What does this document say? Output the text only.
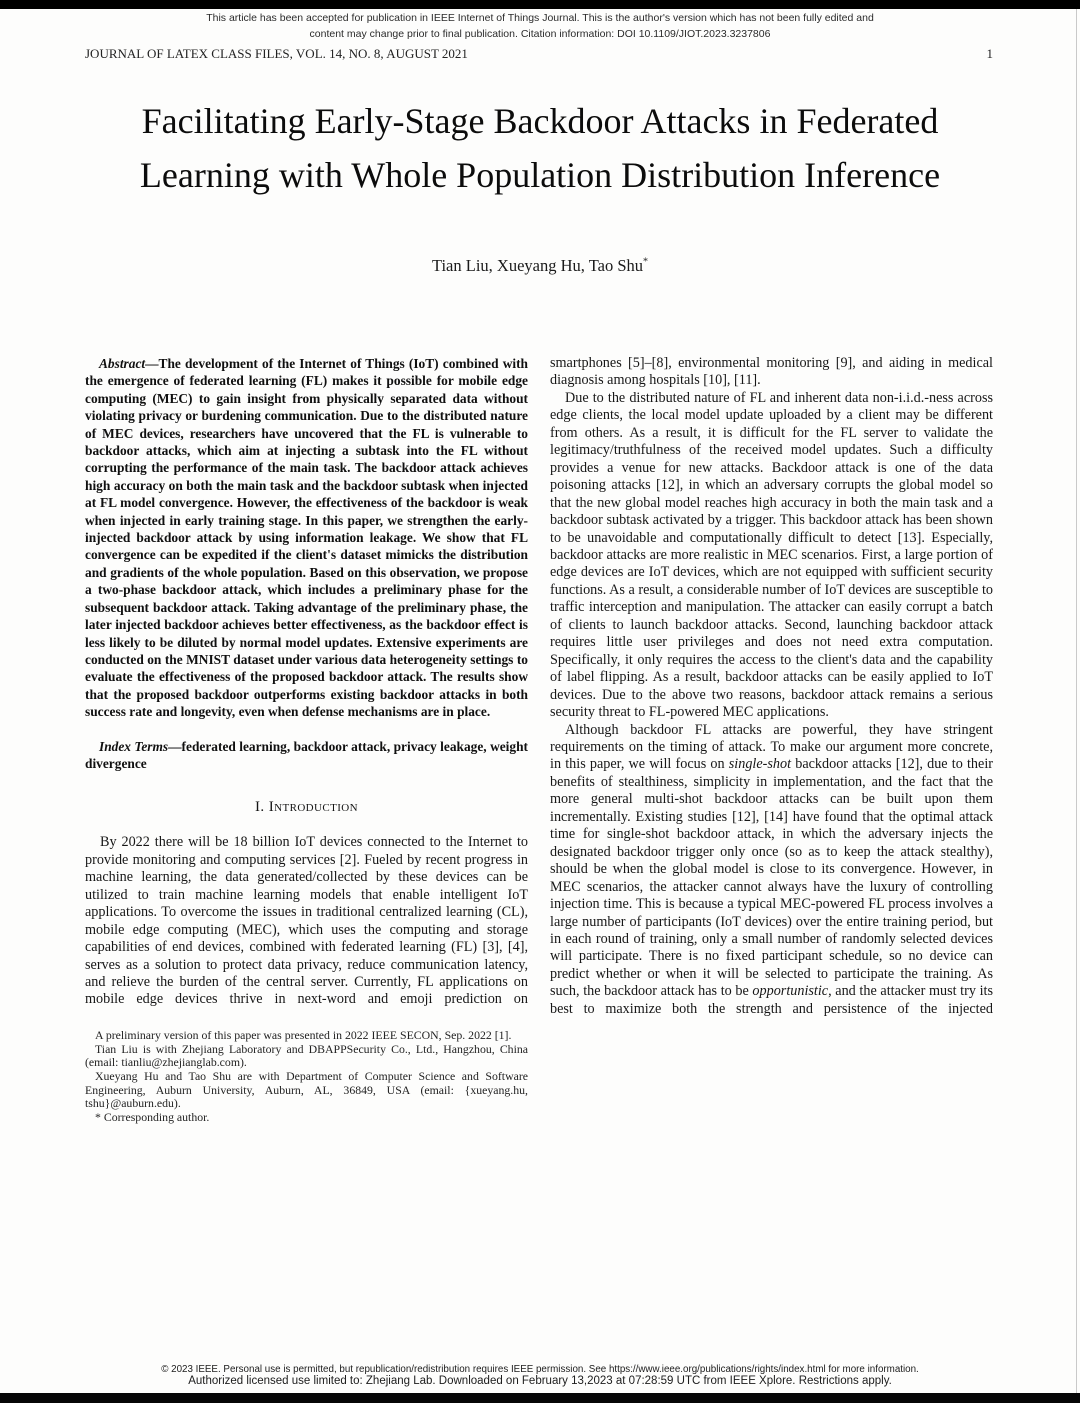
This article has been accepted for publication in IEEE Internet of Things Journal. This is the author's version which has not been fully edited and
content may change prior to final publication. Citation information: DOI 10.1109/JIOT.2023.3237806
JOURNAL OF LATEX CLASS FILES, VOL. 14, NO. 8, AUGUST 2021	1
Facilitating Early-Stage Backdoor Attacks in Federated Learning with Whole Population Distribution Inference
Tian Liu, Xueyang Hu, Tao Shu*

Abstract—The development of the Internet of Things (IoT) combined with the emergence of federated learning (FL) makes it possible for mobile edge computing (MEC) to gain insight from physically separated data without violating privacy or burdening communication. Due to the distributed nature of MEC devices, researchers have uncovered that the FL is vulnerable to backdoor attacks, which aim at injecting a subtask into the FL without corrupting the performance of the main task. The backdoor attack achieves high accuracy on both the main task and the backdoor subtask when injected at FL model convergence. However, the effectiveness of the backdoor is weak when injected in early training stage. In this paper, we strengthen the early-injected backdoor attack by using information leakage. We show that FL convergence can be expedited if the client's dataset mimicks the distribution and gradients of the whole population. Based on this observation, we propose a two-phase backdoor attack, which includes a preliminary phase for the subsequent backdoor attack. Taking advantage of the preliminary phase, the later injected backdoor achieves better effectiveness, as the backdoor effect is less likely to be diluted by normal model updates. Extensive experiments are conducted on the MNIST dataset under various data heterogeneity settings to evaluate the effectiveness of the proposed backdoor attack. The results show that the proposed backdoor outperforms existing backdoor attacks in both success rate and longevity, even when defense mechanisms are in place.

Index Terms—federated learning, backdoor attack, privacy leakage, weight divergence

I. Introduction

By 2022 there will be 18 billion IoT devices connected to the Internet to provide monitoring and computing services [2]. Fueled by recent progress in machine learning, the data generated/collected by these devices can be utilized to train machine learning models that enable intelligent IoT applications. To overcome the issues in traditional centralized learning (CL), mobile edge computing (MEC), which uses the computing and storage capabilities of end devices, combined with federated learning (FL) [3], [4], serves as a solution to protect data privacy, reduce communication latency, and relieve the burden of the central server. Currently, FL applications on mobile edge devices thrive in next-word and emoji prediction on

A preliminary version of this paper was presented in 2022 IEEE SECON, Sep. 2022 [1].

Tian Liu is with Zhejiang Laboratory and DBAPPSecurity Co., Ltd., Hangzhou, China (email: tianliu@zhejianglab.com).

Xueyang Hu and Tao Shu are with Department of Computer Science and Software Engineering, Auburn University, Auburn, AL, 36849, USA (email: {xueyang.hu, tshu}@auburn.edu).

* Corresponding author.

smartphones [5]–[8], environmental monitoring [9], and aiding in medical diagnosis among hospitals [10], [11].

Due to the distributed nature of FL and inherent data non-i.i.d.-ness across edge clients, the local model update uploaded by a client may be different from others. As a result, it is difficult for the FL server to validate the legitimacy/truthfulness of the received model updates. Such a difficulty provides a venue for new attacks. Backdoor attack is one of the data poisoning attacks [12], in which an adversary corrupts the global model so that the new global model reaches high accuracy in both the main task and a backdoor subtask activated by a trigger. This backdoor attack has been shown to be unavoidable and computationally difficult to detect [13]. Especially, backdoor attacks are more realistic in MEC scenarios. First, a large portion of edge devices are IoT devices, which are not equipped with sufficient security functions. As a result, a considerable number of IoT devices are susceptible to traffic interception and manipulation. The attacker can easily corrupt a batch of clients to launch backdoor attacks. Second, launching backdoor attack requires little user privileges and does not need extra computation. Specifically, it only requires the access to the client's data and the capability of label flipping. As a result, backdoor attacks can be easily applied to IoT devices. Due to the above two reasons, backdoor attack remains a serious security threat to FL-powered MEC applications.

Although backdoor FL attacks are powerful, they have stringent requirements on the timing of attack. To make our argument more concrete, in this paper, we will focus on single-shot backdoor attacks [12], due to their benefits of stealthiness, simplicity in implementation, and the fact that the more general multi-shot backdoor attacks can be built upon them incrementally. Existing studies [12], [14] have found that the optimal attack time for single-shot backdoor attack, in which the adversary injects the designated backdoor trigger only once (so as to keep the attack stealthy), should be when the global model is close to its convergence. However, in MEC scenarios, the attacker cannot always have the luxury of controlling injection time. This is because a typical MEC-powered FL process involves a large number of participants (IoT devices) over the entire training period, but in each round of training, only a small number of randomly selected devices will participate. There is no fixed participant schedule, so no device can predict whether or when it will be selected to participate the training. As such, the backdoor attack has to be opportunistic, and the attacker must try its best to maximize both the strength and persistence of the injected

© 2023 IEEE. Personal use is permitted, but republication/redistribution requires IEEE permission. See https://www.ieee.org/publications/rights/index.html for more information.
Authorized licensed use limited to: Zhejiang Lab. Downloaded on February 13,2023 at 07:28:59 UTC from IEEE Xplore. Restrictions apply.
